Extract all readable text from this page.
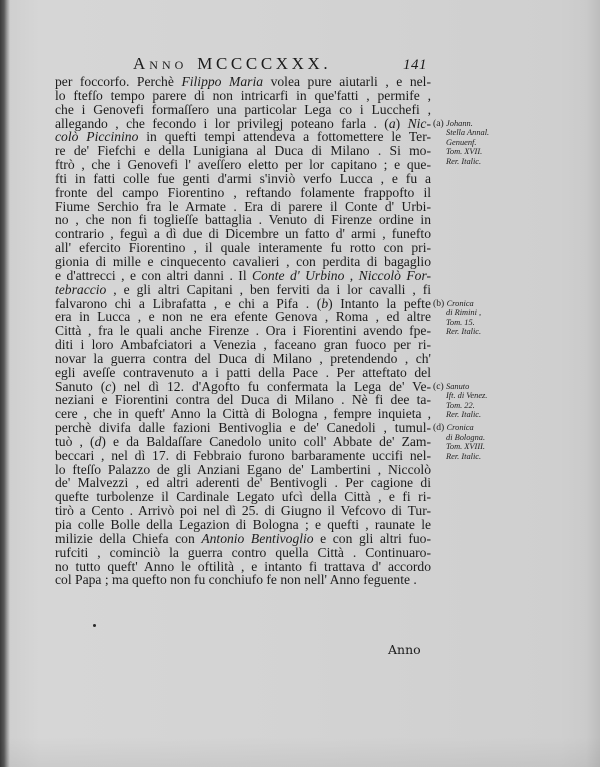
Anno MCCCCXXX.	141
per foccorfo. Perchè Filippo Maria volea pure aiutarli , e nel-
lo ftefſo tempo parere di non intricarfi in que'fatti , permife ,
che i Genovefi formaſſero una particolar Lega co i Lucchefi ,
allegando , che fecondo i lor privilegj poteano farla . (a) Nic-
colò Piccinino in quefti tempi attendeva a fottomettere le Ter-
re de' Fiefchi e della Lunigiana al Duca di Milano . Si mo-
ftrò , che i Genovefi l' aveſſero eletto per lor capitano ; e que-
fti in fatti colle fue genti d'armi s'inviò verfo Lucca , e fu a
fronte del campo Fiorentino , reftando folamente frappofto il
Fiume Serchio fra le Armate . Era di parere il Conte d' Urbi-
no , che non fi toglieſſe battaglia . Venuto di Firenze ordine in
contrario , feguì a dì due di Dicembre un fatto d' armi , funefto
all' efercito Fiorentino , il quale interamente fu rotto con pri-
gionia di mille e cinquecento cavalieri , con perdita di bagaglio
e d'attrecci , e con altri danni . Il Conte d' Urbino , Niccolò For-
tebraccio , e gli altri Capitani , ben ferviti da i lor cavalli , fi
falvarono chi a Librafatta , e chi a Pifa . (b) Intanto la pefte
era in Lucca , e non ne era efente Genova , Roma , ed altre
Città , fra le quali anche Firenze . Ora i Fiorentini avendo fpe-
diti i loro Ambafciatori a Venezia , faceano gran fuoco per ri-
novar la guerra contra del Duca di Milano , pretendendo , ch'
egli aveſſe contravenuto a i patti della Pace . Per atteftato del
Sanuto (c) nel dì 12. d'Agofto fu confermata la Lega de' Ve-
neziani e Fiorentini contra del Duca di Milano . Nè fi dee ta-
cere , che in queft' Anno la Città di Bologna , fempre inquieta ,
perchè divifa dalle fazioni Bentivoglia e de' Canedoli , tumul-
tuò , (d) e da Baldaſſare Canedolo unito coll' Abbate de' Zam-
beccari , nel dì 17. di Febbraio furono barbaramente uccifi nel-
lo fteſſo Palazzo de gli Anziani Egano de' Lambertini , Niccolò
de' Malvezzi , ed altri aderenti de' Bentivogli . Per cagione di
quefte turbolenze il Cardinale Legato ufcì della Città , e fi ri-
tirò a Cento . Arrivò poi nel dì 25. di Giugno il Vefcovo di Tur-
pia colle Bolle della Legazion di Bologna ; e quefti , raunate le
milizie della Chiefa con Antonio Bentivoglio e con gli altri fuo-
rufciti , cominciò la guerra contro quella Città . Continuaro-
no tutto queft' Anno le oftilità , e intanto fi trattava d' accordo
col Papa ; ma quefto non fu conchiufo fe non nell' Anno feguente .
(a) Johann.
Stella Annal.
Genuenf.
Tom. XVII.
Rer. Italic.
(b) Cronica
di Rimini ,
Tom. 15.
Rer. Italic.
(c) Sanuto
Ift. di Venez.
Tom. 22.
Rer. Italic.
(d) Cronica
di Bologna.
Tom. XVIII.
Rer. Italic.
Anno
